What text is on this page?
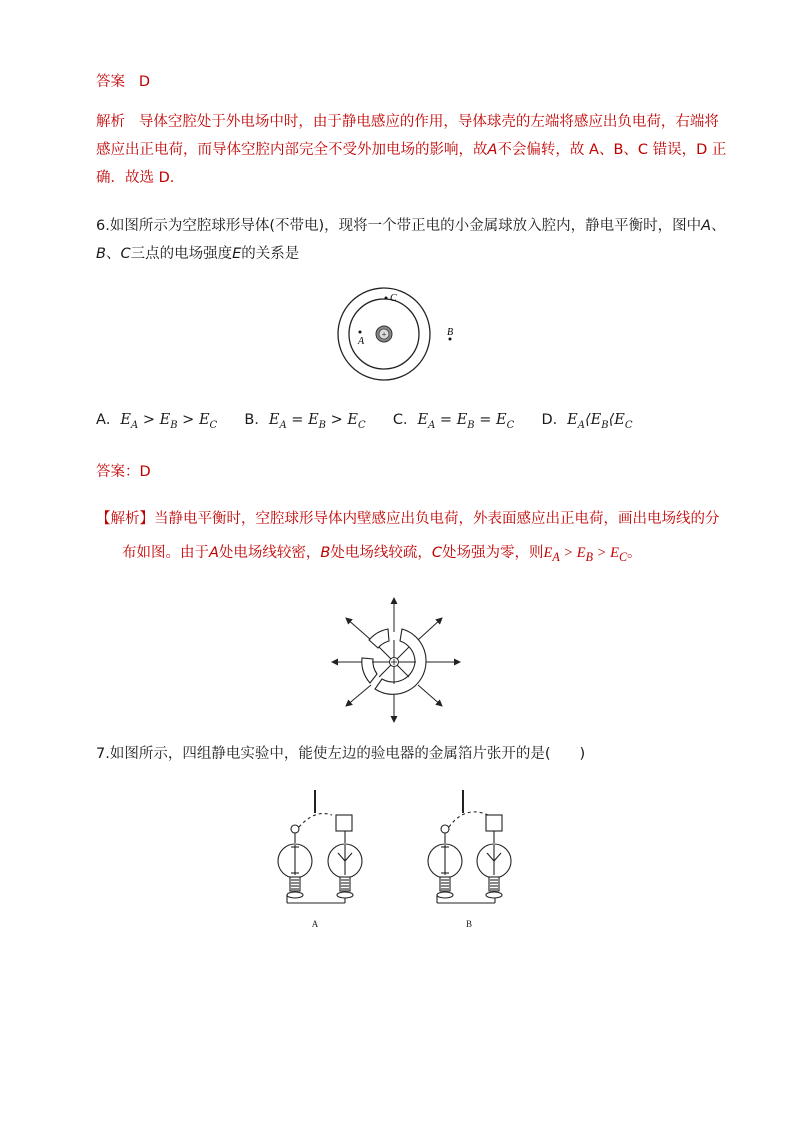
答案 D
解析 导体空腔处于外电场中时，由于静电感应的作用，导体球壳的左端将感应出负电荷，右端将
感应出正电荷，而导体空腔内部完全不受外加电场的影响，故A不会偏转，故 A、B、C 错误，D 正
确．故选 D.
6.如图所示为空腔球形导体(不带电)，现将一个带正电的小金属球放入腔内，静电平衡时，图中A、
B、C三点的电场强度E的关系是
+
A
C
B
A．$E_A > E_B > E_C$ B．$E_A = E_B > E_C$ C．$E_A = E_B = E_C$ D．$E_A⟨E_B⟨E_C$
答案：D
【解析】当静电平衡时，空腔球形导体内壁感应出负电荷，外表面感应出正电荷，画出电场线的分
布如图。由于A处电场线较密，B处电场线较疏，C处场强为零，则$E_A > E_B > E_C$。
7.如图所示，四组静电实验中，能使左边的验电器的金属箔片张开的是(　　)
A	B
